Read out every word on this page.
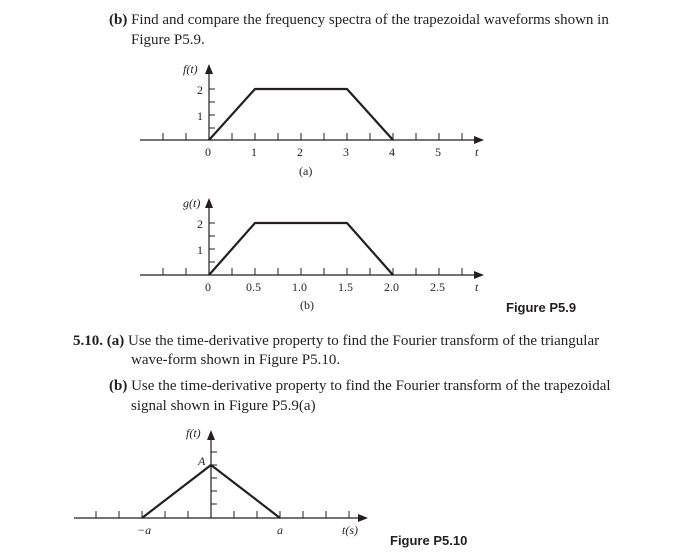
(b) Find and compare the frequency spectra of the trapezoidal waveforms shown in

Figure P5.9.

f(t)
2
1
0	1	2	3	4	5	t
(a)
g(t)
2
1
0	0.5	1.0	1.5	2.0	2.5	t
(b)	Figure P5.9

5.10. (a) Use the time-derivative property to find the Fourier transform of the triangular

wave-form shown in Figure P5.10.

(b) Use the time-derivative property to find the Fourier transform of the trapezoidal

signal shown in Figure P5.9(a)

f(t)
A
−a	a	t(s)
Figure P5.10
